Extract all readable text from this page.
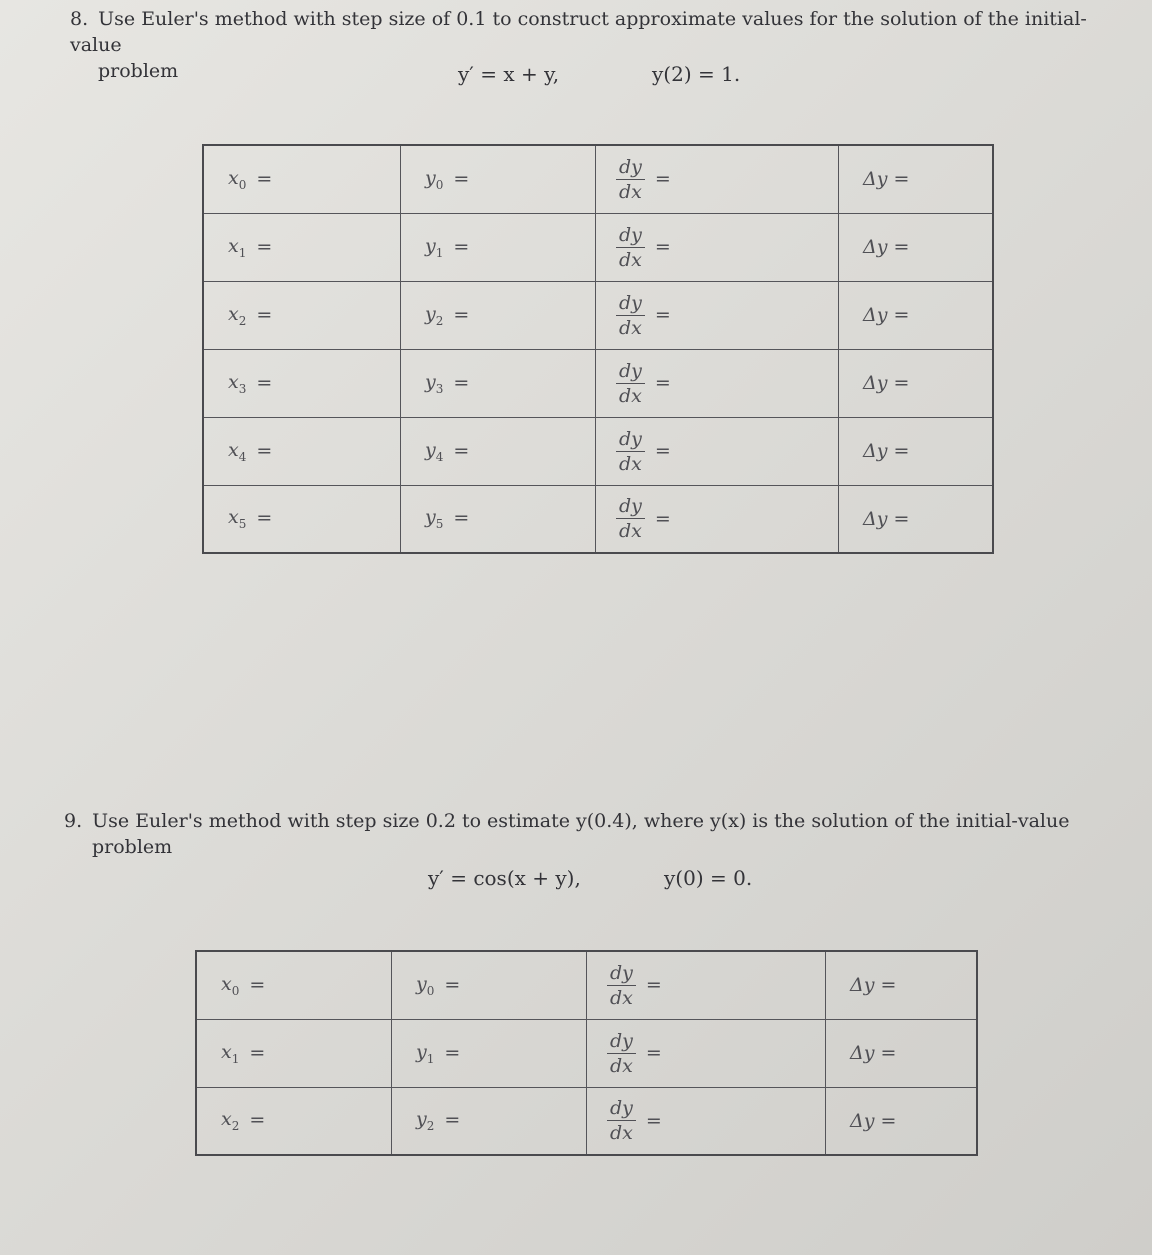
8. Use Euler's method with step size of 0.1 to construct approximate values for the solution of the initial-value
problem	y′ = x + y,	y(2) = 1.
$x_0$ =	$y_0$ =	$\frac{dy}{dx}$ =	Δy =
$x_1$ =	$y_1$ =	$\frac{dy}{dx}$ =	Δy =
$x_2$ =	$y_2$ =	$\frac{dy}{dx}$ =	Δy =
$x_3$ =	$y_3$ =	$\frac{dy}{dx}$ =	Δy =
$x_4$ =	$y_4$ =	$\frac{dy}{dx}$ =	Δy =
$x_5$ =	$y_5$ =	$\frac{dy}{dx}$ =	Δy =
9. Use Euler's method with step size 0.2 to estimate y(0.4), where y(x) is the solution of the initial-value
problem
y′ = cos(x + y),	y(0) = 0.
$x_0$ =	$y_0$ =	$\frac{dy}{dx}$ =	Δy =
$x_1$ =	$y_1$ =	$\frac{dy}{dx}$ =	Δy =
$x_2$ =	$y_2$ =	$\frac{dy}{dx}$ =	Δy =
